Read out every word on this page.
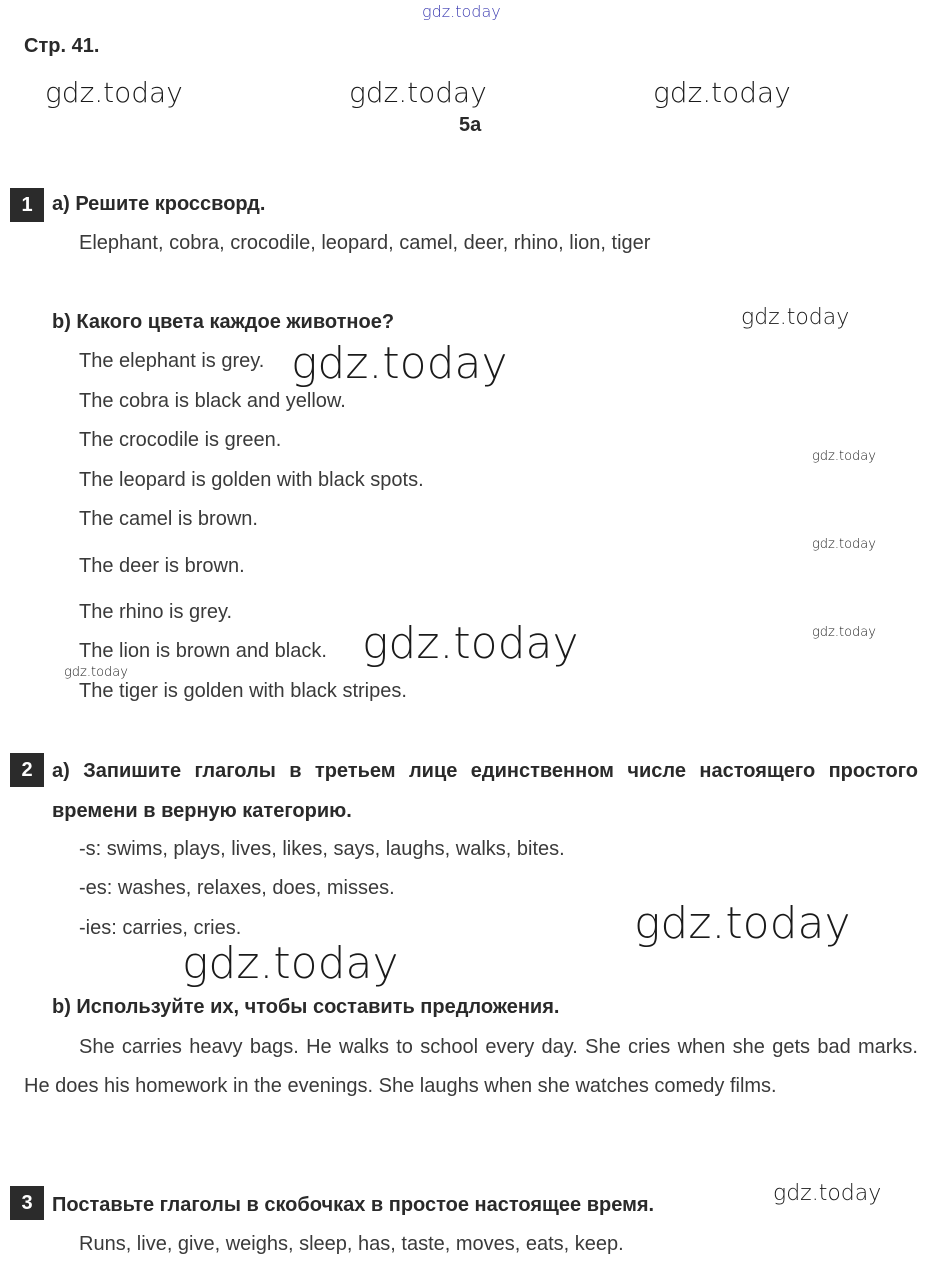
gdz.today
gdz.today	gdz.today	gdz.today
gdz.today
gdz.today
gdz.today
gdz.today
gdz.today
gdz.today
gdz.today
gdz.today
gdz.today
gdz.today
Стр. 41.
5a
1 a) Решите кроссворд.
Elephant, cobra, crocodile, leopard, camel, deer, rhino, lion, tiger
b) Какого цвета каждое животное?
The elephant is grey.
The cobra is black and yellow.
The crocodile is green.
The leopard is golden with black spots.
The camel is brown.
The deer is brown.
The rhino is grey.
The lion is brown and black.
The tiger is golden with black stripes.
2 a) Запишите глаголы в третьем лице единственном числе настоящего простого времени в верную категорию.
-s: swims, plays, lives, likes, says, laughs, walks, bites.
-es: washes, relaxes, does, misses.
-ies: carries, cries.
b) Используйте их, чтобы составить предложения.
She carries heavy bags. He walks to school every day. She cries when she gets bad marks. He does his homework in the evenings. She laughs when she watches comedy films.
3 Поставьте глаголы в скобочках в простое настоящее время.
Runs, live, give, weighs, sleep, has, taste, moves, eats, keep.
